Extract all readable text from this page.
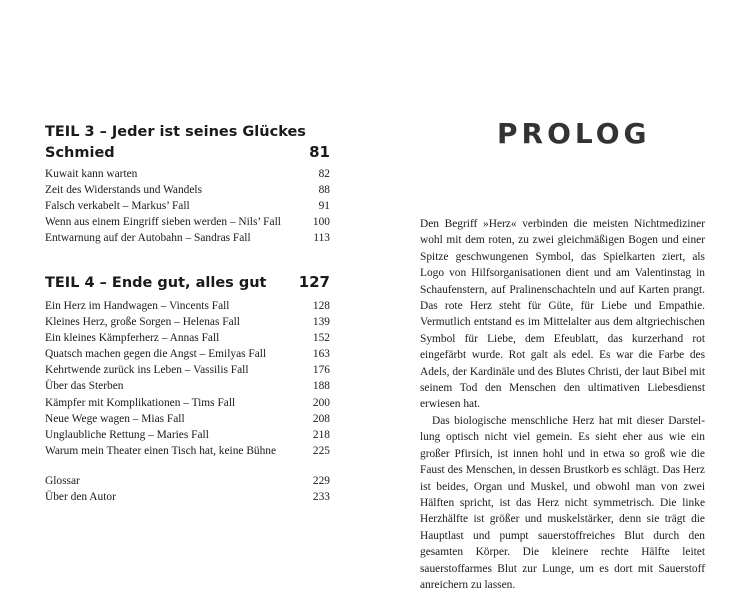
TEIL 3 – Jeder ist seines Glückes
Schmied	81
Kuwait kann warten	82
Zeit des Widerstands und Wandels	88
Falsch verkabelt – Markus’ Fall	91
Wenn aus einem Eingriff sieben werden – Nils’ Fall	100
Entwarnung auf der Autobahn – Sandras Fall	113
TEIL 4 – Ende gut, alles gut 127
Ein Herz im Handwagen – Vincents Fall	128
Kleines Herz, große Sorgen – Helenas Fall	139
Ein kleines Kämpferherz – Annas Fall	152
Quatsch machen gegen die Angst – Emilyas Fall	163
Kehrtwende zurück ins Leben – Vassilis Fall	176
Über das Sterben	188
Kämpfer mit Komplikationen – Tims Fall	200
Neue Wege wagen – Mias Fall	208
Unglaubliche Rettung – Maries Fall	218
Warum mein Theater einen Tisch hat, keine Bühne	225
Glossar	229
Über den Autor	233
PROLOG

Den Begriff »Herz« verbinden die meisten Nichtmediziner wohl mit dem roten, zu zwei gleichmäßigen Bogen und einer Spitze geschwungenen Symbol, das Spielkarten ziert, als Logo von Hilfsorganisationen dient und am Valentinstag in Schaufenstern, auf Pralinenschachteln und auf Karten prangt. Das rote Herz steht für Güte, für Liebe und Empathie. Vermutlich entstand es im Mittelalter aus dem altgriechischen Symbol für Liebe, dem Efeublatt, das kurzerhand rot eingefärbt wurde. Rot galt als edel. Es war die Farbe des Adels, der Kardinäle und des Blutes Christi, der laut Bibel mit seinem Tod den Menschen den ultimativen Liebesdienst erwiesen hat.

Das biologische menschliche Herz hat mit dieser Darstellung optisch nicht viel gemein. Es sieht eher aus wie ein großer Pfirsich, ist innen hohl und in etwa so groß wie die Faust des Menschen, in dessen Brustkorb es schlägt. Das Herz ist beides, Organ und Muskel, und obwohl man von zwei Hälften spricht, ist das Herz nicht symmetrisch. Die linke Herzhälfte ist größer und muskelstärker, denn sie trägt die Hauptlast und pumpt sauerstoffreiches Blut durch den gesamten Körper. Die kleinere rechte Hälfte leitet sauerstoffarmes Blut zur Lunge, um es dort mit Sauerstoff anreichern zu lassen.
